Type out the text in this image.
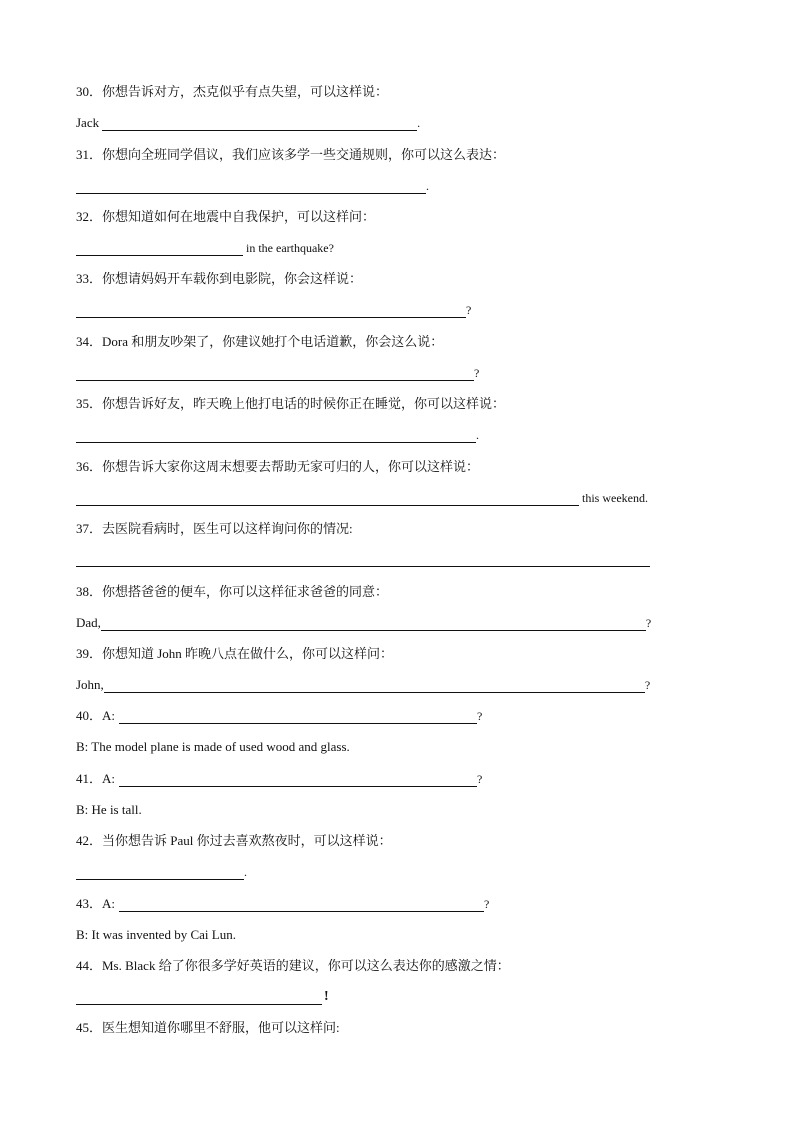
30．你想告诉对方，杰克似乎有点失望，可以这样说：
Jack	.
31．你想向全班同学倡议，我们应该多学一些交通规则，你可以这么表达：
.
32．你想知道如何在地震中自我保护，可以这样问：
in the earthquake?
33．你想请妈妈开车载你到电影院，你会这样说：
?
34．Dora 和朋友吵架了，你建议她打个电话道歉，你会这么说：
?
35．你想告诉好友，昨天晚上他打电话的时候你正在睡觉，你可以这样说：
.
36．你想告诉大家你这周末想要去帮助无家可归的人，你可以这样说：
this weekend.
37．去医院看病时，医生可以这样询问你的情况:
38．你想搭爸爸的便车，你可以这样征求爸爸的同意：
Dad,	?
39．你想知道 John 昨晚八点在做什么，你可以这样问：
John,	?
40．A:	?
B: The model plane is made of used wood and glass.
41．A:	?
B: He is tall.
42．当你想告诉 Paul 你过去喜欢熬夜时，可以这样说：
.
43．A:	?
B: It was invented by Cai Lun.
44．Ms. Black 给了你很多学好英语的建议，你可以这么表达你的感激之情：
!
45．医生想知道你哪里不舒服，他可以这样问:
